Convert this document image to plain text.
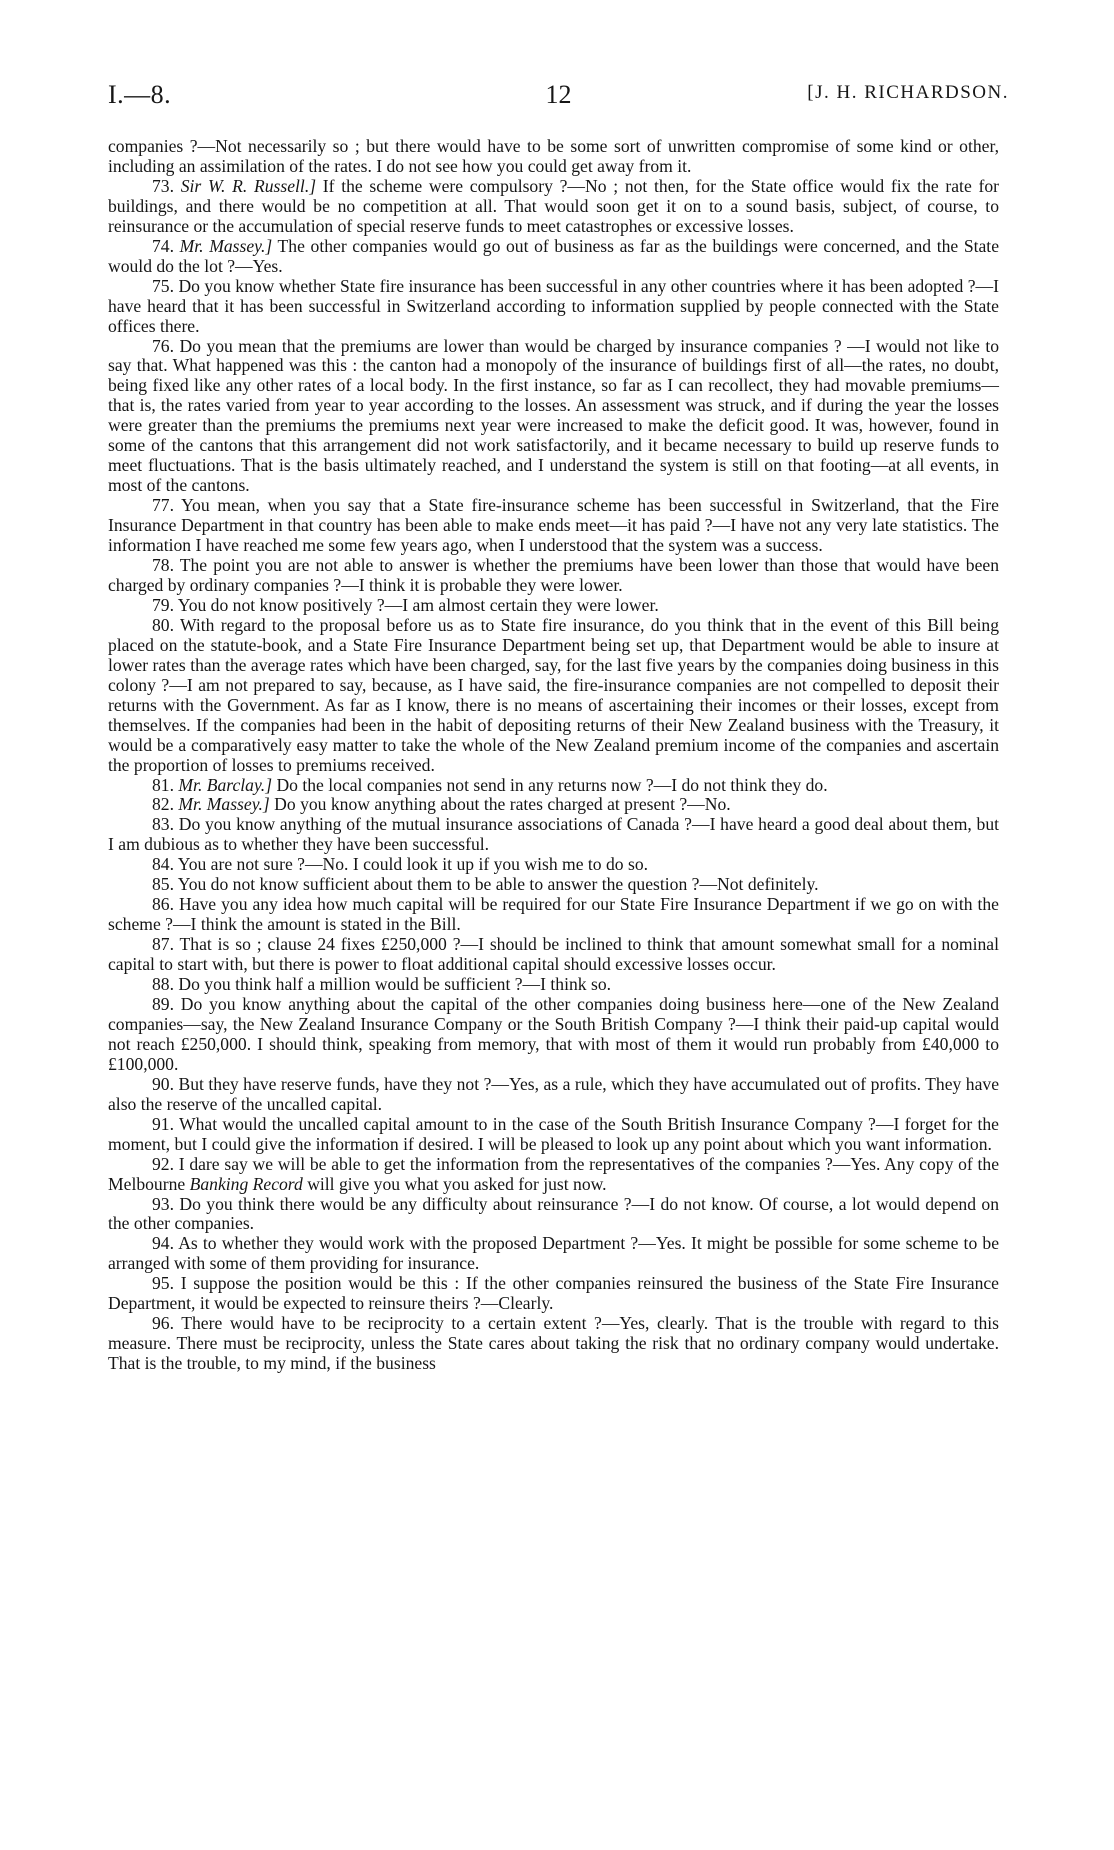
I.—8.	12	[J. H. RICHARDSON.

companies ?—Not necessarily so ; but there would have to be some sort of unwritten compromise of some kind or other, including an assimilation of the rates. I do not see how you could get away from it.

73. Sir W. R. Russell.] If the scheme were compulsory ?—No ; not then, for the State office would fix the rate for buildings, and there would be no competition at all. That would soon get it on to a sound basis, subject, of course, to reinsurance or the accumulation of special reserve funds to meet catastrophes or excessive losses.

74. Mr. Massey.] The other companies would go out of business as far as the buildings were concerned, and the State would do the lot ?—Yes.

75. Do you know whether State fire insurance has been successful in any other countries where it has been adopted ?—I have heard that it has been successful in Switzerland according to information supplied by people connected with the State offices there.

76. Do you mean that the premiums are lower than would be charged by insurance companies ? —I would not like to say that. What happened was this : the canton had a monopoly of the insurance of buildings first of all—the rates, no doubt, being fixed like any other rates of a local body. In the first instance, so far as I can recollect, they had movable premiums—that is, the rates varied from year to year according to the losses. An assessment was struck, and if during the year the losses were greater than the premiums the premiums next year were increased to make the deficit good. It was, however, found in some of the cantons that this arrangement did not work satisfactorily, and it became necessary to build up reserve funds to meet fluctuations. That is the basis ultimately reached, and I understand the system is still on that footing—at all events, in most of the cantons.

77. You mean, when you say that a State fire-insurance scheme has been successful in Switzerland, that the Fire Insurance Department in that country has been able to make ends meet—it has paid ?—I have not any very late statistics. The information I have reached me some few years ago, when I understood that the system was a success.

78. The point you are not able to answer is whether the premiums have been lower than those that would have been charged by ordinary companies ?—I think it is probable they were lower.

79. You do not know positively ?—I am almost certain they were lower.

80. With regard to the proposal before us as to State fire insurance, do you think that in the event of this Bill being placed on the statute-book, and a State Fire Insurance Department being set up, that Department would be able to insure at lower rates than the average rates which have been charged, say, for the last five years by the companies doing business in this colony ?—I am not prepared to say, because, as I have said, the fire-insurance companies are not compelled to deposit their returns with the Government. As far as I know, there is no means of ascertaining their incomes or their losses, except from themselves. If the companies had been in the habit of depositing returns of their New Zealand business with the Treasury, it would be a comparatively easy matter to take the whole of the New Zealand premium income of the companies and ascertain the proportion of losses to premiums received.

81. Mr. Barclay.] Do the local companies not send in any returns now ?—I do not think they do.

82. Mr. Massey.] Do you know anything about the rates charged at present ?—No.

83. Do you know anything of the mutual insurance associations of Canada ?—I have heard a good deal about them, but I am dubious as to whether they have been successful.

84. You are not sure ?—No. I could look it up if you wish me to do so.

85. You do not know sufficient about them to be able to answer the question ?—Not definitely.

86. Have you any idea how much capital will be required for our State Fire Insurance Department if we go on with the scheme ?—I think the amount is stated in the Bill.

87. That is so ; clause 24 fixes £250,000 ?—I should be inclined to think that amount somewhat small for a nominal capital to start with, but there is power to float additional capital should excessive losses occur.

88. Do you think half a million would be sufficient ?—I think so.

89. Do you know anything about the capital of the other companies doing business here—one of the New Zealand companies—say, the New Zealand Insurance Company or the South British Company ?—I think their paid-up capital would not reach £250,000. I should think, speaking from memory, that with most of them it would run probably from £40,000 to £100,000.

90. But they have reserve funds, have they not ?—Yes, as a rule, which they have accumulated out of profits. They have also the reserve of the uncalled capital.

91. What would the uncalled capital amount to in the case of the South British Insurance Company ?—I forget for the moment, but I could give the information if desired. I will be pleased to look up any point about which you want information.

92. I dare say we will be able to get the information from the representatives of the companies ?—Yes. Any copy of the Melbourne Banking Record will give you what you asked for just now.

93. Do you think there would be any difficulty about reinsurance ?—I do not know. Of course, a lot would depend on the other companies.

94. As to whether they would work with the proposed Department ?—Yes. It might be possible for some scheme to be arranged with some of them providing for insurance.

95. I suppose the position would be this : If the other companies reinsured the business of the State Fire Insurance Department, it would be expected to reinsure theirs ?—Clearly.

96. There would have to be reciprocity to a certain extent ?—Yes, clearly. That is the trouble with regard to this measure. There must be reciprocity, unless the State cares about taking the risk that no ordinary company would undertake. That is the trouble, to my mind, if the business
